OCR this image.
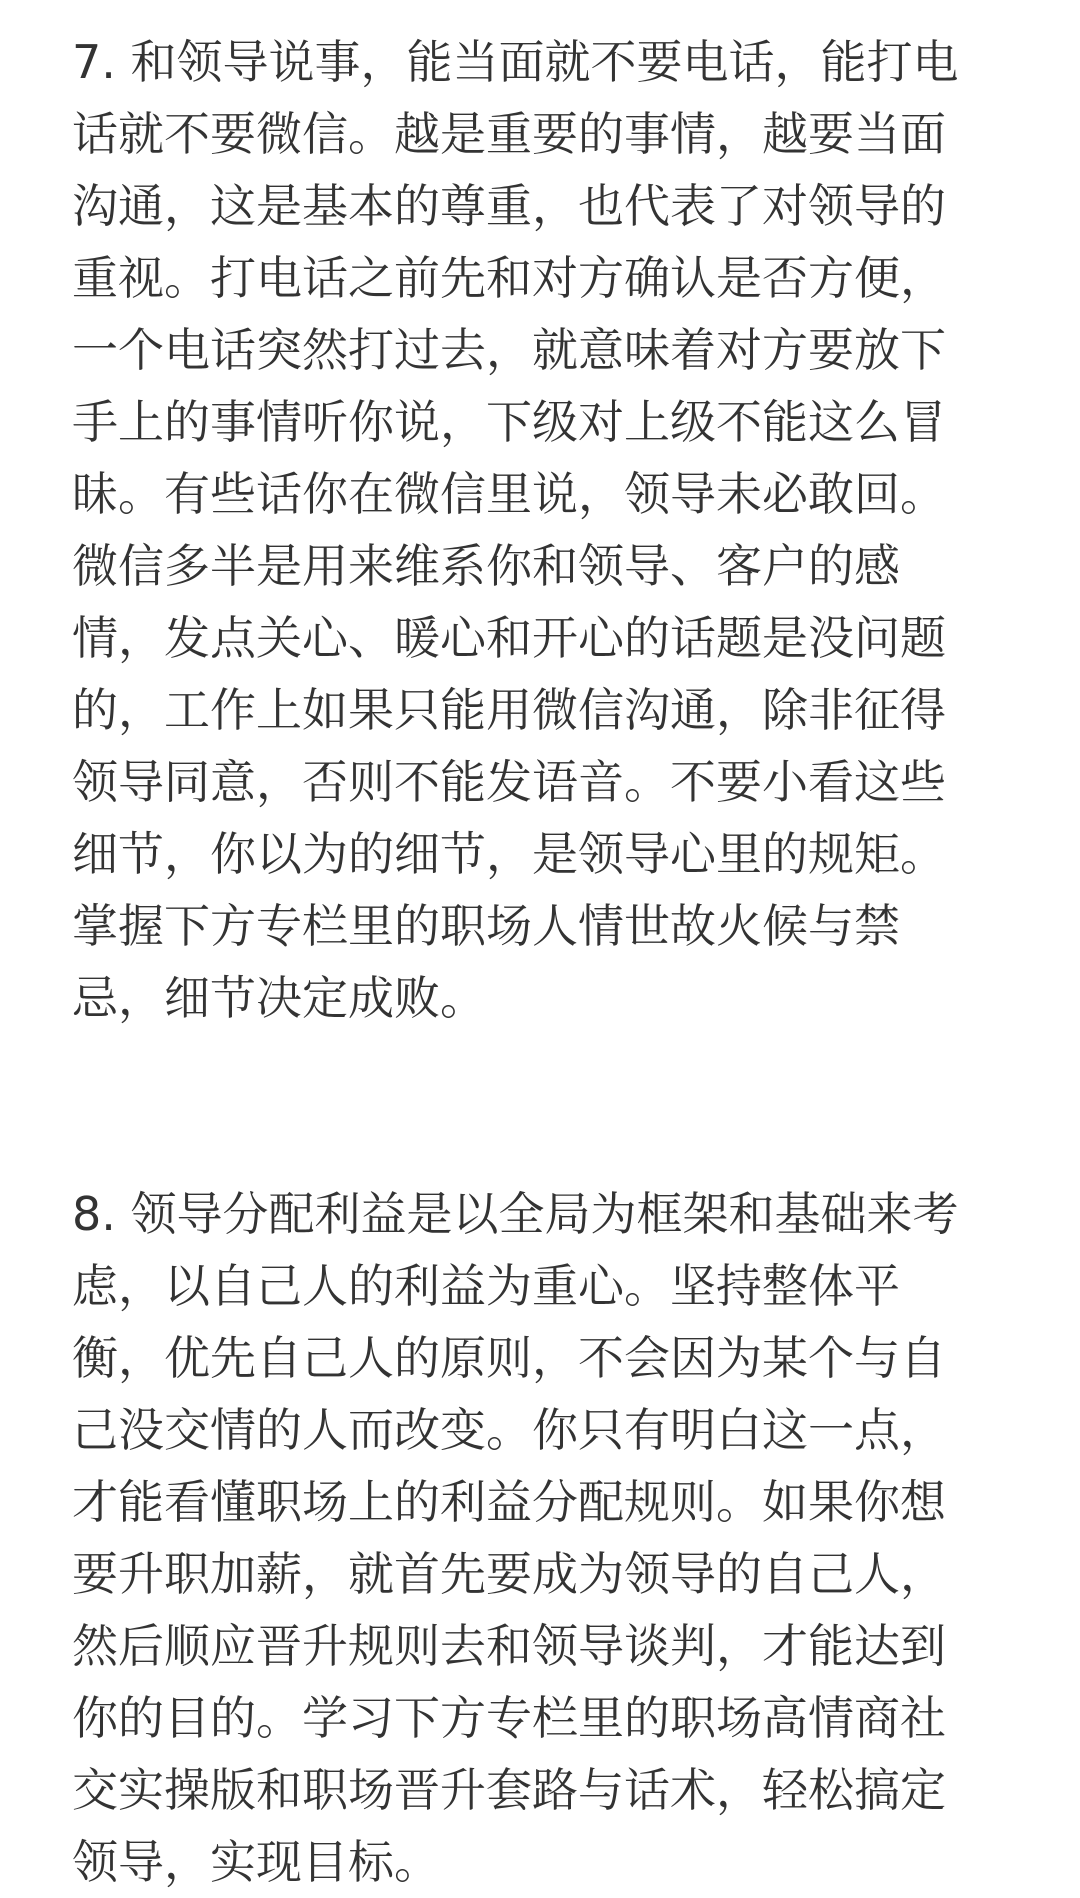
7. 和领导说事，能当面就不要电话，能打电
话就不要微信。越是重要的事情，越要当面
沟通，这是基本的尊重，也代表了对领导的
重视。打电话之前先和对方确认是否方便，
一个电话突然打过去，就意味着对方要放下
手上的事情听你说，下级对上级不能这么冒
昧。有些话你在微信里说，领导未必敢回。
微信多半是用来维系你和领导、客户的感
情，发点关心、暖心和开心的话题是没问题
的，工作上如果只能用微信沟通，除非征得
领导同意，否则不能发语音。不要小看这些
细节，你以为的细节，是领导心里的规矩。
掌握下方专栏里的职场人情世故火候与禁
忌，细节决定成败。
8. 领导分配利益是以全局为框架和基础来考
虑，以自己人的利益为重心。坚持整体平
衡，优先自己人的原则，不会因为某个与自
己没交情的人而改变。你只有明白这一点，
才能看懂职场上的利益分配规则。如果你想
要升职加薪，就首先要成为领导的自己人，
然后顺应晋升规则去和领导谈判，才能达到
你的目的。学习下方专栏里的职场高情商社
交实操版和职场晋升套路与话术，轻松搞定
领导，实现目标。
